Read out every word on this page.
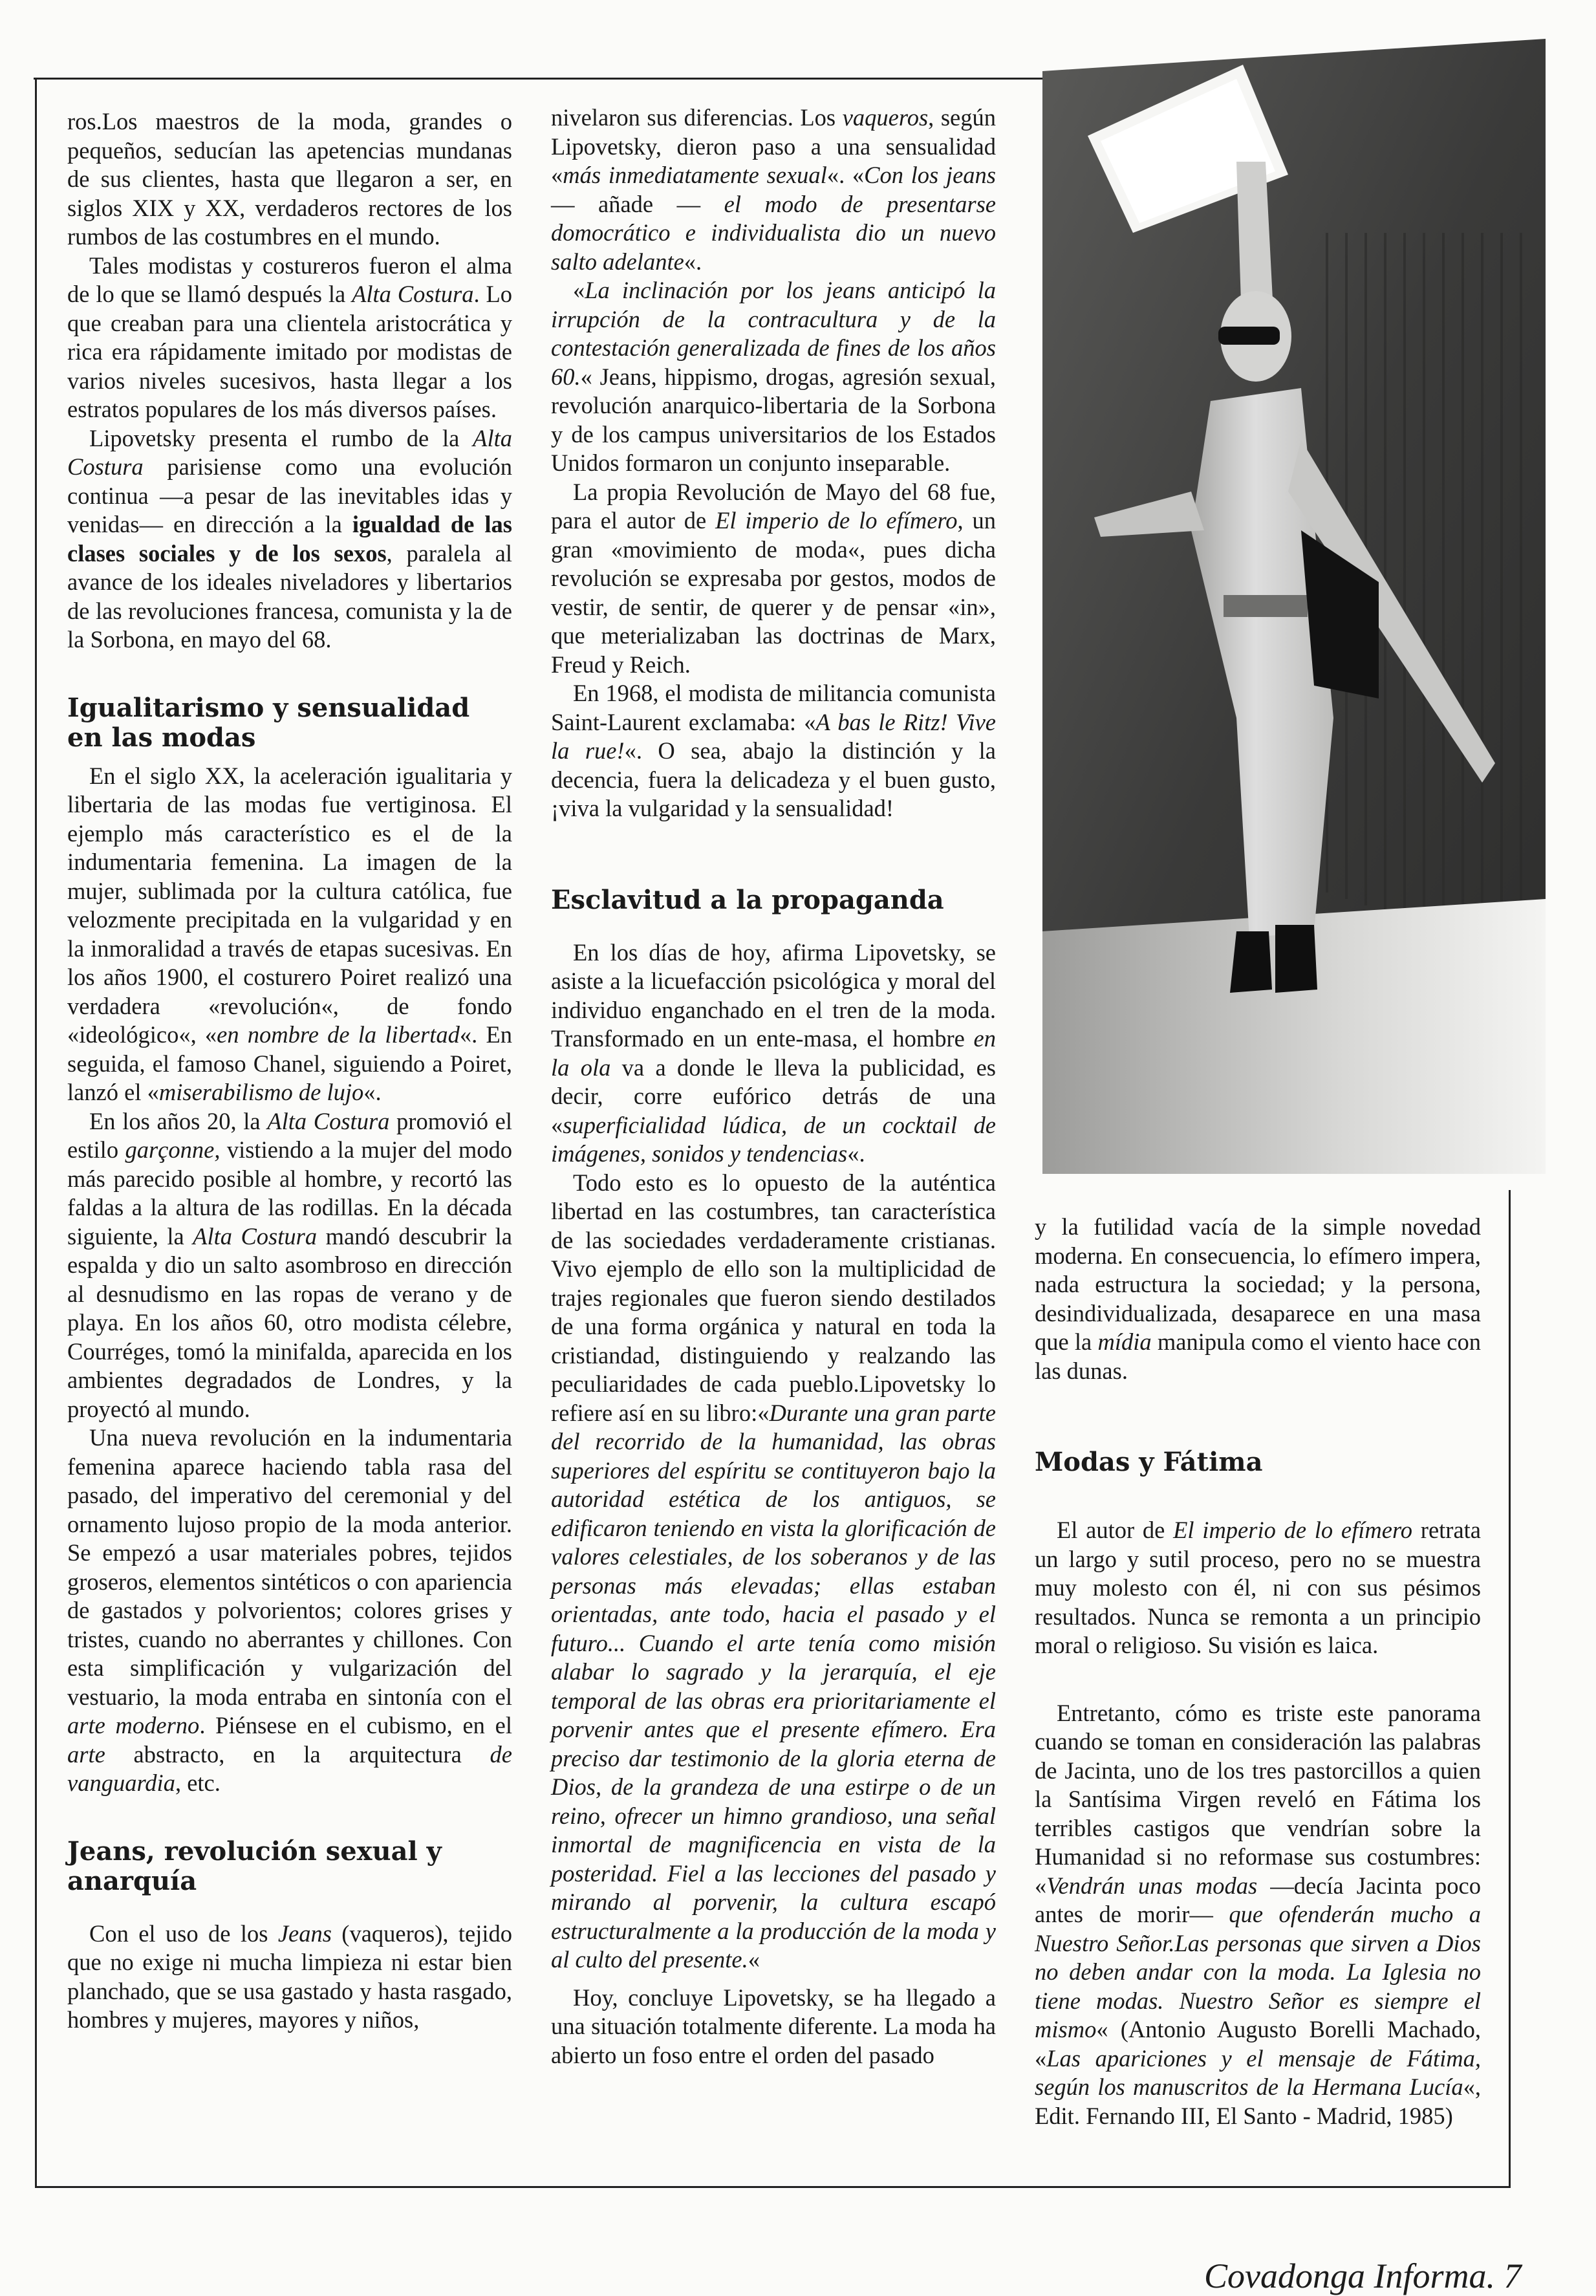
ros.Los maestros de la moda, grandes o pequeños, seducían las apetencias mundanas de sus clientes, hasta que llegaron a ser, en siglos XIX y XX, verdaderos rectores de los rumbos de las costumbres en el mundo.

Tales modistas y costureros fueron el alma de lo que se llamó después la Alta Costura. Lo que creaban para una clientela aristocrática y rica era rápidamente imitado por modistas de varios niveles sucesivos, hasta llegar a los estratos populares de los más diversos países.

Lipovetsky presenta el rumbo de la Alta Costura parisiense como una evolución continua —a pesar de las inevitables idas y venidas— en dirección a la igualdad de las clases sociales y de los sexos, paralela al avance de los ideales niveladores y libertarios de las revoluciones francesa, comunista y la de la Sorbona, en mayo del 68.

Igualitarismo y sensualidad en las modas

En el siglo XX, la aceleración igualitaria y libertaria de las modas fue vertiginosa. El ejemplo más característico es el de la indumentaria femenina. La imagen de la mujer, sublimada por la cultura católica, fue velozmente precipitada en la vulgaridad y en la inmoralidad a través de etapas sucesivas. En los años 1900, el costurero Poiret realizó una verdadera «revolución«, de fondo «ideológico«, «en nombre de la libertad«. En seguida, el famoso Chanel, siguiendo a Poiret, lanzó el «miserabilismo de lujo«.

En los años 20, la Alta Costura promovió el estilo garçonne, vistiendo a la mujer del modo más parecido posible al hombre, y recortó las faldas a la altura de las rodillas. En la década siguiente, la Alta Costura mandó descubrir la espalda y dio un salto asombroso en dirección al desnudismo en las ropas de verano y de playa. En los años 60, otro modista célebre, Courréges, tomó la minifalda, aparecida en los ambientes degradados de Londres, y la proyectó al mundo.

Una nueva revolución en la indumentaria femenina aparece haciendo tabla rasa del pasado, del imperativo del ceremonial y del ornamento lujoso propio de la moda anterior. Se empezó a usar materiales pobres, tejidos groseros, elementos sintéticos o con apariencia de gastados y polvorientos; colores grises y tristes, cuando no aberrantes y chillones. Con esta simplificación y vulgarización del vestuario, la moda entraba en sintonía con el arte moderno. Piénsese en el cubismo, en el arte abstracto, en la arquitectura de vanguardia, etc.

Jeans, revolución sexual y anarquía

Con el uso de los Jeans (vaqueros), tejido que no exige ni mucha limpieza ni estar bien planchado, que se usa gastado y hasta rasgado, hombres y mujeres, mayores y niños,

nivelaron sus diferencias. Los vaqueros, según Lipovetsky, dieron paso a una sensualidad «más inmediatamente sexual«. «Con los jeans — añade — el modo de presentarse domocrático e individualista dio un nuevo salto adelante«.

«La inclinación por los jeans anticipó la irrupción de la contracultura y de la contestación generalizada de fines de los años 60.« Jeans, hippismo, drogas, agresión sexual, revolución anarquico-libertaria de la Sorbona y de los campus universitarios de los Estados Unidos formaron un conjunto inseparable.

La propia Revolución de Mayo del 68 fue, para el autor de El imperio de lo efímero, un gran «movimiento de moda«, pues dicha revolución se expresaba por gestos, modos de vestir, de sentir, de querer y de pensar «in», que meterializaban las doctrinas de Marx, Freud y Reich.

En 1968, el modista de militancia comunista Saint-Laurent exclamaba: «A bas le Ritz! Vive la rue!«. O sea, abajo la distinción y la decencia, fuera la delicadeza y el buen gusto, ¡viva la vulgaridad y la sensualidad!

Esclavitud a la propaganda

En los días de hoy, afirma Lipovetsky, se asiste a la licuefacción psicológica y moral del individuo enganchado en el tren de la moda. Transformado en un ente-masa, el hombre en la ola va a donde le lleva la publicidad, es decir, corre eufórico detrás de una «superficialidad lúdica, de un cocktail de imágenes, sonidos y tendencias«.

Todo esto es lo opuesto de la auténtica libertad en las costumbres, tan característica de las sociedades verdaderamente cristianas. Vivo ejemplo de ello son la multiplicidad de trajes regionales que fueron siendo destilados de una forma orgánica y natural en toda la cristiandad, distinguiendo y realzando las peculiaridades de cada pueblo.Lipovetsky lo refiere así en su libro:«Durante una gran parte del recorrido de la humanidad, las obras superiores del espíritu se contituyeron bajo la autoridad estética de los antiguos, se edificaron teniendo en vista la glorificación de valores celestiales, de los soberanos y de las personas más elevadas; ellas estaban orientadas, ante todo, hacia el pasado y el futuro... Cuando el arte tenía como misión alabar lo sagrado y la jerarquía, el eje temporal de las obras era prioritariamente el porvenir antes que el presente efímero. Era preciso dar testimonio de la gloria eterna de Dios, de la grandeza de una estirpe o de un reino, ofrecer un himno grandioso, una señal inmortal de magnificencia en vista de la posteridad. Fiel a las lecciones del pasado y mirando al porvenir, la cultura escapó estructuralmente a la producción de la moda y al culto del presente.«

Hoy, concluye Lipovetsky, se ha llegado a una situación totalmente diferente. La moda ha abierto un foso entre el orden del pasado

y la futilidad vacía de la simple novedad moderna. En consecuencia, lo efímero impera, nada estructura la sociedad; y la persona, desindividualizada, desaparece en una masa que la mídia manipula como el viento hace con las dunas.

Modas y Fátima

El autor de El imperio de lo efímero retrata un largo y sutil proceso, pero no se muestra muy molesto con él, ni con sus pésimos resultados. Nunca se remonta a un principio moral o religioso. Su visión es laica.

Entretanto, cómo es triste este panorama cuando se toman en consideración las palabras de Jacinta, uno de los tres pastorcillos a quien la Santísima Virgen reveló en Fátima los terribles castigos que vendrían sobre la Humanidad si no reformase sus costumbres: «Vendrán unas modas —decía Jacinta poco antes de morir— que ofenderán mucho a Nuestro Señor.Las personas que sirven a Dios no deben andar con la moda. La Iglesia no tiene modas. Nuestro Señor es siempre el mismo« (Antonio Augusto Borelli Machado, «Las apariciones y el mensaje de Fátima, según los manuscritos de la Hermana Lucía«, Edit. Fernando III, El Santo - Madrid, 1985)

Covadonga Informa. 7
